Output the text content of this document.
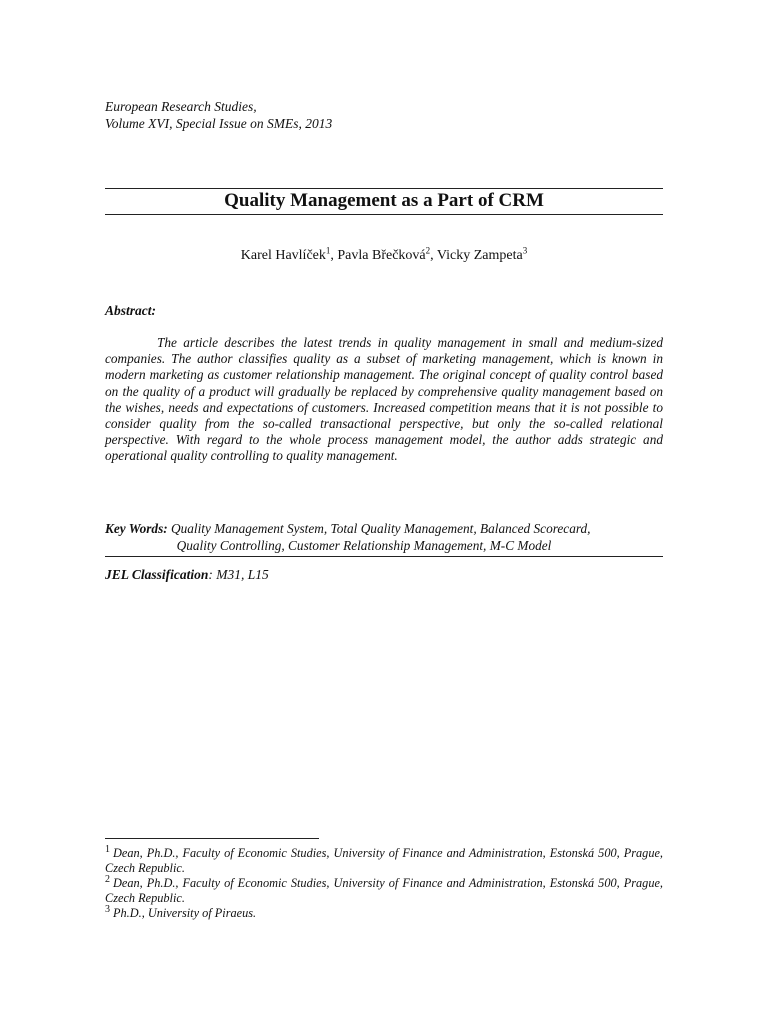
European Research Studies,
Volume XVI, Special Issue on SMEs, 2013
Quality Management as a Part of CRM
Karel Havlíček$^1$, Pavla Břečková$^2$, Vicky Zampeta$^3$
Abstract:
The article describes the latest trends in quality management in small and medium-sized companies. The author classifies quality as a subset of marketing management, which is known in modern marketing as customer relationship management. The original concept of quality control based on the quality of a product will gradually be replaced by comprehensive quality management based on the wishes, needs and expectations of customers. Increased competition means that it is not possible to consider quality from the so-called transactional perspective, but only the so-called relational perspective. With regard to the whole process management model, the author adds strategic and operational quality controlling to quality management.
Key Words: Quality Management System, Total Quality Management, Balanced Scorecard,
Quality Controlling, Customer Relationship Management, M-C Model
JEL Classification: M31, L15

$^1$ Dean, Ph.D., Faculty of Economic Studies, University of Finance and Administration, Estonská 500, Prague, Czech Republic.

$^2$ Dean, Ph.D., Faculty of Economic Studies, University of Finance and Administration, Estonská 500, Prague, Czech Republic.

$^3$ Ph.D., University of Piraeus.
